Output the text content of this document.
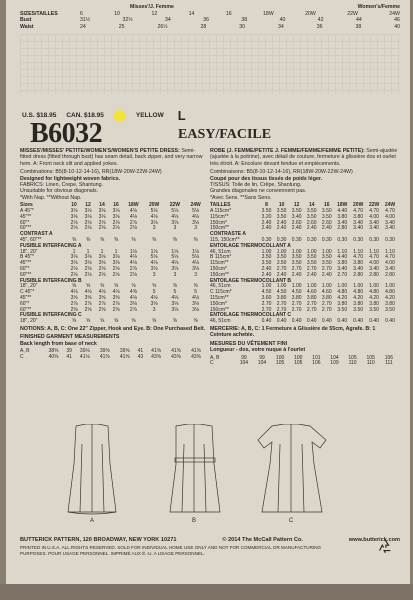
Misses'/J. Femme	Women's/Femme
SIZES/TAILLES	6	10	12	14	16	18W	20W	22W	24W
Bust	31½	32½	34	36	38	40	42	44	46
Waist	24	25	26½	28	30	34	36	38	40
U.S. $18.95 CAN. $18.95	YELLOW L
B6032	EASY/FACILE

MISSES'/MISSES' PETITE/WOMEN'S/WOMEN'S PETITE DRESS: Semi-fitted dress (fitted through bust) has seam detail, back zipper, and very narrow hem. A: Front neck slit and applied yokes.

Combinations: B5(8-10-12-14-16), RR(18W-20W-22W-24W)
Designed for lightweight woven fabrics.
FABRICS: Linen, Crepe, Shantung.
Unsuitable for obvious diagonals.
*With Nap. **Without Nap.

Sizes	10	12	14	16	18W	20W	22W	24W
A 45"*	3⅛	3⅛	3⅛	3⅛	4⅛	5⅛	5⅛	5⅛
45"**	3⅛	3⅛	3⅛	3⅛	4⅛	4⅛	4⅛	4⅛
60"*	2⅛	2⅛	2⅛	2⅛	2⅞	3⅛	3⅛	3⅛
60"**	2⅛	2⅛	2⅛	2⅛	2⅛	3	3	3
CONTRAST A								
45", 60"**	⅜	⅜	⅜	⅜	⅜	⅜	⅜	⅜
FUSIBLE INTERFACING A								
18", 20"	1	1	1	1	1⅛	1⅛	1⅛	1⅛
B 45"*	3⅛	3⅛	3⅛	3⅛	4⅛	5⅛	5⅛	5⅛
45"**	3⅛	3⅛	3⅛	3⅛	4⅛	4⅛	4⅛	4⅛
60"*	2⅛	2⅛	2⅛	2⅛	2⅞	3⅛	3⅛	3⅛
60"**	2⅛	2⅛	2⅛	2⅛	2⅛	3	3	3
FUSIBLE INTERFACING B								
18", 20"	⅝	⅝	⅝	⅝	⅝	⅝	⅝	⅝
C 45"*	4⅛	4⅛	4⅛	4⅛	4⅝	5	5	5
45"**	3⅝	3⅝	3⅝	3⅝	4⅛	4⅛	4⅛	4⅛
60"*	2⅞	2⅞	2⅞	2⅞	3⅛	3⅛	3⅛	3⅛
60"**	2⅝	2⅝	2⅝	2⅝	2⅞	3	3⅛	3⅛
FUSIBLE INTERFACING C								
18", 20"	⅝	⅝	⅝	⅝	⅝	⅝	⅝	⅝

NOTIONS: A, B, C: One 22" Zipper, Hook and Eye. B: One Purchased Belt.

FINISHED GARMENT MEASUREMENTS
Back length from base of neck

A, B	38⅝	39	39⅛	39⅝	39⅝	41	41⅝	41⅝	41⅝
C	40⅝	41	41⅛	41⅝	41⅝	43	43⅝	43⅝	43⅝

ROBE (J. FEMME/PETITE J. FEMME/FEMME/FEMME PETITE): Semi-ajustée (ajustée à la poitrine), avec détail de couture, fermeture à glissière dos et ourlet très étroit. A: Encolure devant fendue et empiècements.

Combinaisons: B5(8-10-12-14-16), RR(18W-20W-22W-24W)
Coupé pour des tissus tissés de poids léger.
TISSUS: Toile de lin, Crêpe, Shantung.
Grandes diagonales ne conviennent pas.
*Avec Sens. **Sans Sens.

TAILLES	8	10	12	14	16	18W	20W	22W	24W
A 115cm*	3.50	3.50	3.50	3.50	3.50	4.40	4.70	4.70	4.70
115cm**	3.20	3.50	3.40	3.50	3.50	3.80	3.80	4.00	4.00
150cm*	2.40	2.40	2.60	2.60	2.60	3.40	3.40	3.40	3.40
150cm**	2.40	2.40	2.40	2.40	2.40	2.80	3.40	3.40	3.40
CONTRASTE A									
115, 150cm**	0.30	0.30	0.30	0.30	0.30	0.30	0.30	0.30	0.30
ENTOILAGE THERMOCOLLANT A									
46, 51cm	1.00	1.00	1.00	1.00	1.00	1.10	1.10	1.10	1.10
B 115cm*	3.50	3.50	3.50	3.50	3.50	4.40	4.70	4.70	4.70
115cm**	3.50	3.50	3.50	3.50	3.50	3.80	3.80	4.00	4.00
150cm*	2.40	2.70	2.70	2.70	2.70	3.40	3.40	3.40	3.40
150cm**	2.40	2.40	2.40	2.40	2.40	2.70	2.80	2.80	2.80
ENTOILAGE THERMOCOLLANT B									
46, 51cm	1.00	1.00	1.00	1.00	1.00	1.00	1.00	1.00	1.00
C 115cm*	4.50	4.50	4.50	4.60	4.60	4.80	4.80	4.80	4.80
115cm**	3.60	3.80	3.80	3.80	3.80	4.20	4.20	4.20	4.20
150cm*	2.70	2.70	2.70	2.70	2.70	3.80	3.80	3.80	3.80
150cm**	2.70	2.70	2.70	2.70	2.70	3.50	3.50	3.50	3.50
ENTOILAGE THERMOCOLLANT C									
46, 51cm	0.40	0.40	0.40	0.40	0.40	0.40	0.40	0.40	0.40

MERCERIE: A, B, C: 1 Fermeture à Glissière de 55cm, Agrafe. B: 1 Ceinture achetée.

MESURES DU VÊTEMENT FINI
Longueur - dos, votre nuque à l'ourlet

A, B	99	99	100	100	101	104	105	105	106
C	104	104	105	105	106	109	110	110	111
A	B	C
BUTTERICK PATTERN, 120 BROADWAY, NEW YORK 10271	© 2014 The McCall Pattern Co.	www.butterick.com
PRINTED IN U.S.A. ALL RIGHTS RESERVED. SOLD FOR INDIVIDUAL HOME USE ONLY AND NOT FOR COMMERCIAL OR MANUFACTURING
PURPOSES. POUR USAGE PERSONNEL. IMPRIMÉ AUX É.-U. A USAGE PERSONNEL.
